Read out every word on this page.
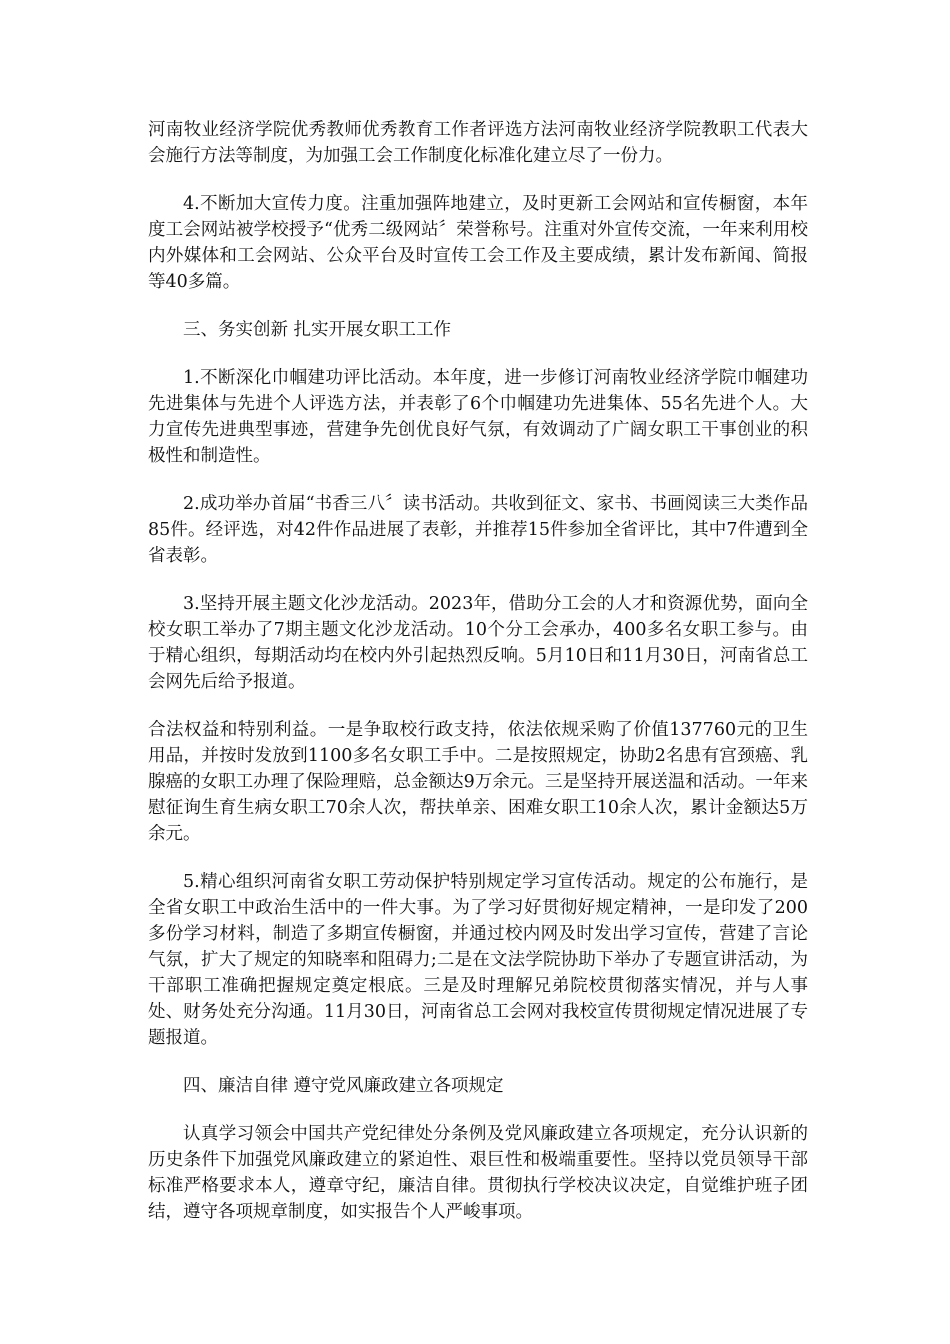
河南牧业经济学院优秀教师优秀教育工作者评选方法河南牧业经济学院教职工代表大会施行方法等制度，为加强工会工作制度化标准化建立尽了一份力。

4.不断加大宣传力度。注重加强阵地建立，及时更新工会网站和宣传橱窗，本年度工会网站被学校授予“优秀二级网站〞荣誉称号。注重对外宣传交流，一年来利用校内外媒体和工会网站、公众平台及时宣传工会工作及主要成绩，累计发布新闻、简报等40多篇。

三、务实创新 扎实开展女职工工作

1.不断深化巾帼建功评比活动。本年度，进一步修订河南牧业经济学院巾帼建功先进集体与先进个人评选方法，并表彰了6个巾帼建功先进集体、55名先进个人。大力宣传先进典型事迹，营建争先创优良好气氛，有效调动了广阔女职工干事创业的积极性和制造性。

2.成功举办首届“书香三八〞读书活动。共收到征文、家书、书画阅读三大类作品85件。经评选，对42件作品进展了表彰，并推荐15件参加全省评比，其中7件遭到全省表彰。

3.坚持开展主题文化沙龙活动。2023年，借助分工会的人才和资源优势，面向全校女职工举办了7期主题文化沙龙活动。10个分工会承办，400多名女职工参与。由于精心组织，每期活动均在校内外引起热烈反响。5月10日和11月30日，河南省总工会网先后给予报道。

合法权益和特别利益。一是争取校行政支持，依法依规采购了价值137760元的卫生用品，并按时发放到1100多名女职工手中。二是按照规定，协助2名患有宫颈癌、乳腺癌的女职工办理了保险理赔，总金额达9万余元。三是坚持开展送温和活动。一年来慰征询生育生病女职工70余人次，帮扶单亲、困难女职工10余人次，累计金额达5万余元。

5.精心组织河南省女职工劳动保护特别规定学习宣传活动。规定的公布施行，是全省女职工中政治生活中的一件大事。为了学习好贯彻好规定精神，一是印发了200多份学习材料，制造了多期宣传橱窗，并通过校内网及时发出学习宣传，营建了言论气氛，扩大了规定的知晓率和阻碍力;二是在文法学院协助下举办了专题宣讲活动，为干部职工准确把握规定奠定根底。三是及时理解兄弟院校贯彻落实情况，并与人事处、财务处充分沟通。11月30日，河南省总工会网对我校宣传贯彻规定情况进展了专题报道。

四、廉洁自律 遵守党风廉政建立各项规定

认真学习领会中国共产党纪律处分条例及党风廉政建立各项规定，充分认识新的历史条件下加强党风廉政建立的紧迫性、艰巨性和极端重要性。坚持以党员领导干部标准严格要求本人，遵章守纪，廉洁自律。贯彻执行学校决议决定，自觉维护班子团结，遵守各项规章制度，如实报告个人严峻事项。
